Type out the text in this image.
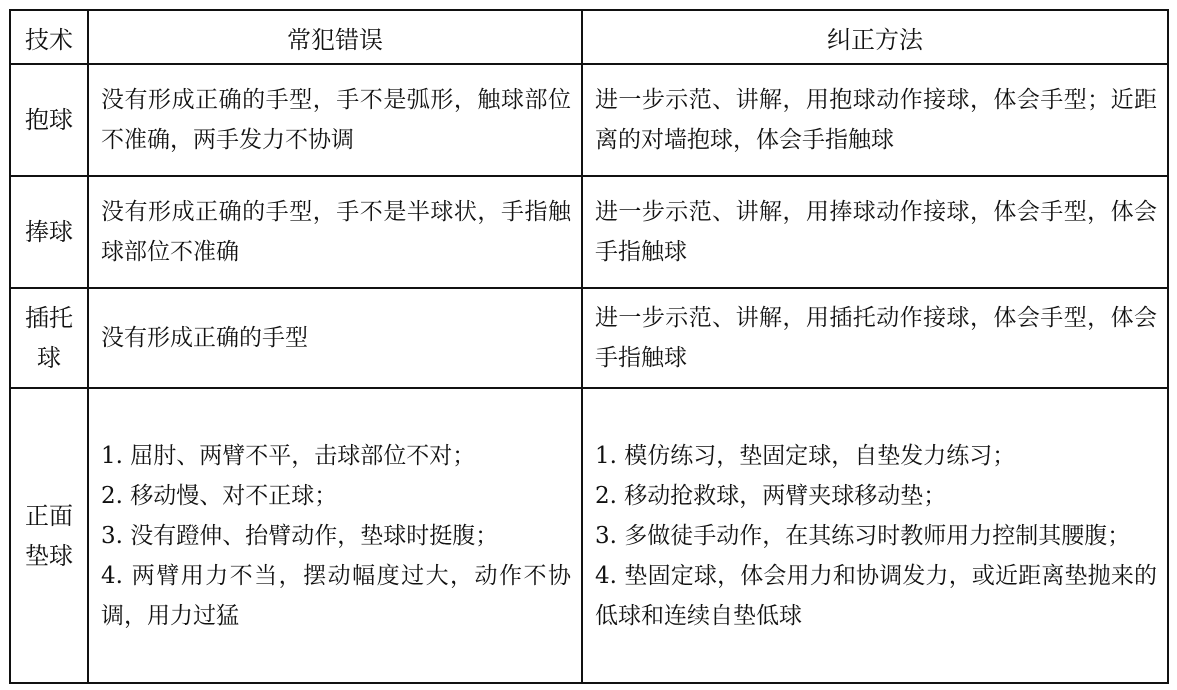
技术	常犯错误	纠正方法
抱球	没有形成正确的手型，手不是弧形，触球部位不准确，两手发力不协调	进一步示范、讲解，用抱球动作接球，体会手型；近距离的对墙抱球，体会手指触球

捧球	没有形成正确的手型，手不是半球状，手指触球部位不准确	进一步示范、讲解，用捧球动作接球，体会手型，体会手指触球

插托 球	没有形成正确的手型	进一步示范、讲解，用插托动作接球，体会手型，体会手指触球

正面 垫球	1. 屈肘、两臂不平，击球部位不对；
2. 移动慢、对不正球；
3. 没有蹬伸、抬臂动作，垫球时挺腹；
4. 两臂用力不当，摆动幅度过大，动作不协调，用力过猛	1. 模仿练习，垫固定球，自垫发力练习；
2. 移动抢救球，两臂夹球移动垫；
3. 多做徒手动作，在其练习时教师用力控制其腰腹；
4. 垫固定球，体会用力和协调发力，或近距离垫抛来的低球和连续自垫低球
